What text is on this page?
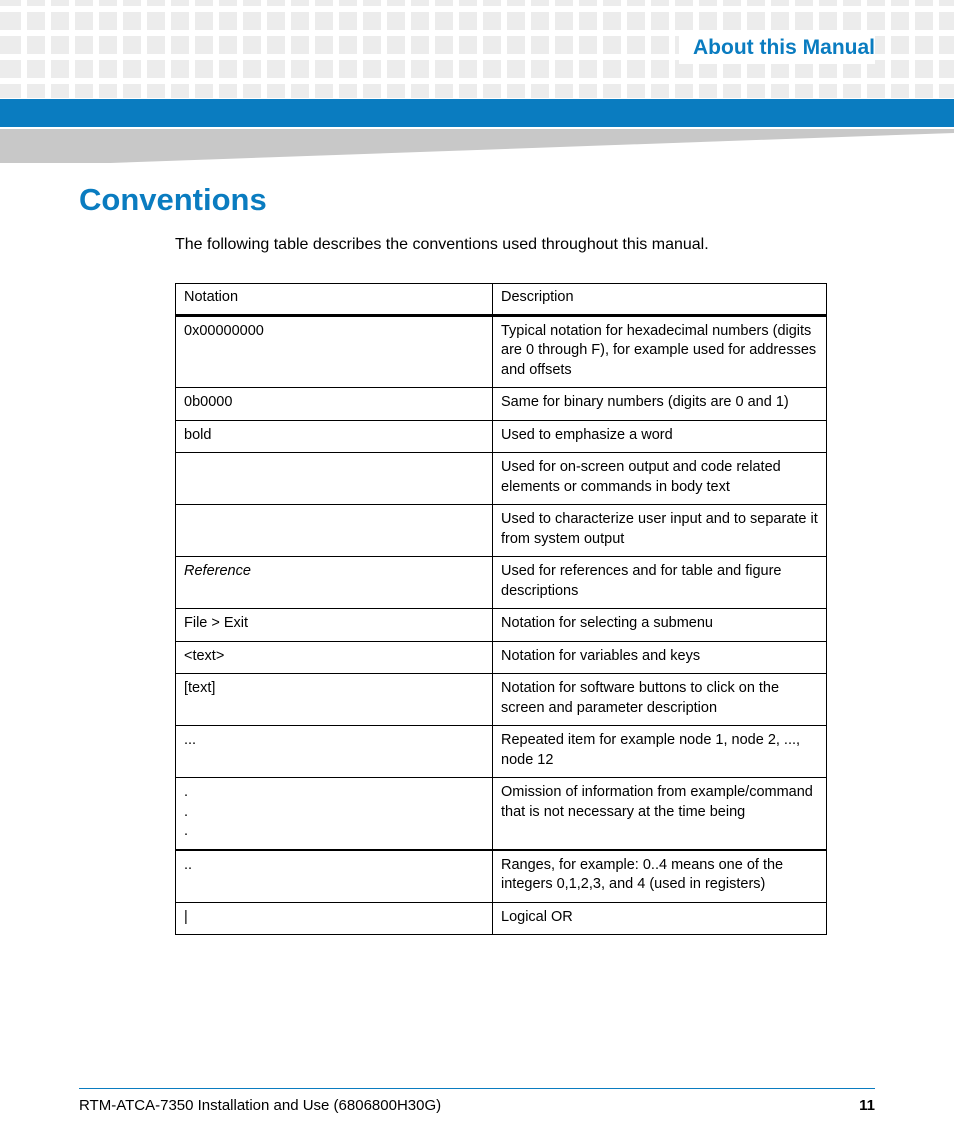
About this Manual
Conventions

The following table describes the conventions used throughout this manual.

Notation	Description
0x00000000	Typical notation for hexadecimal numbers (digits are 0 through F), for example used for addresses and offsets
0b0000	Same for binary numbers (digits are 0 and 1)
bold	Used to emphasize a word
	Used for on-screen output and code related elements or commands in body text
	Used to characterize user input and to separate it from system output
Reference	Used for references and for table and figure descriptions
File > Exit	Notation for selecting a submenu
<text>	Notation for variables and keys
[text]	Notation for software buttons to click on the screen and parameter description
...	Repeated item for example node 1, node 2, ..., node 12
.
.
.	Omission of information from example/command that is not necessary at the time being
..	Ranges, for example: 0..4 means one of the integers 0,1,2,3, and 4 (used in registers)
|	Logical OR
RTM-ATCA-7350 Installation and Use (6806800H30G)	11
